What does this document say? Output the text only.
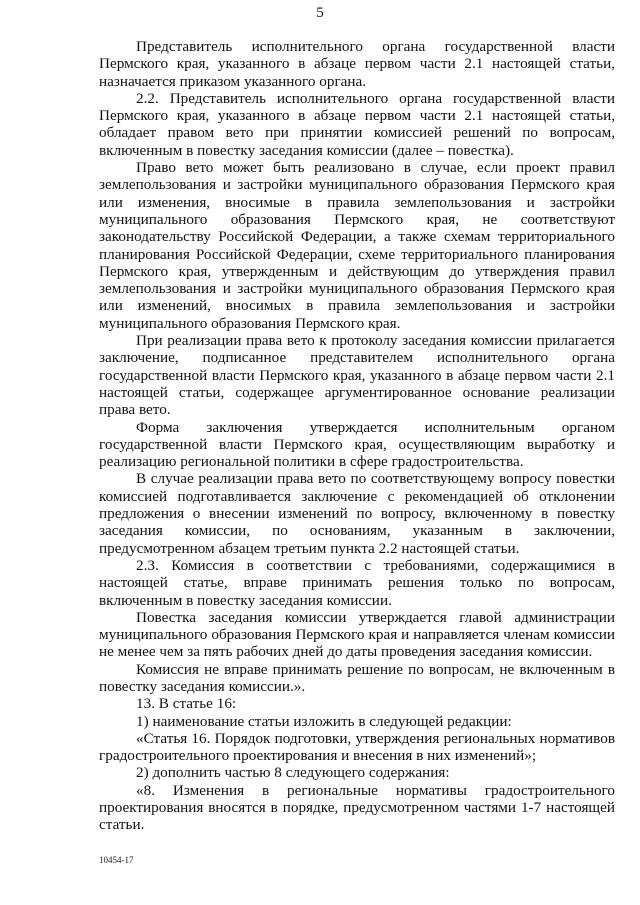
5

Представитель исполнительного органа государственной власти Пермского края, указанного в абзаце первом части 2.1 настоящей статьи, назначается приказом указанного органа.

2.2. Представитель исполнительного органа государственной власти Пермского края, указанного в абзаце первом части 2.1 настоящей статьи, обладает правом вето при принятии комиссией решений по вопросам, включенным в повестку заседания комиссии (далее – повестка).

Право вето может быть реализовано в случае, если проект правил землепользования и застройки муниципального образования Пермского края или изменения, вносимые в правила землепользования и застройки муниципального образования Пермского края, не соответствуют законодательству Российской Федерации, а также схемам территориального планирования Российской Федерации, схеме территориального планирования Пермского края, утвержденным и действующим до утверждения правил землепользования и застройки муниципального образования Пермского края или изменений, вносимых в правила землепользования и застройки муниципального образования Пермского края.

При реализации права вето к протоколу заседания комиссии прилагается заключение, подписанное представителем исполнительного органа государственной власти Пермского края, указанного в абзаце первом части 2.1 настоящей статьи, содержащее аргументированное основание реализации права вето.

Форма заключения утверждается исполнительным органом государственной власти Пермского края, осуществляющим выработку и реализацию региональной политики в сфере градостроительства.

В случае реализации права вето по соответствующему вопросу повестки комиссией подготавливается заключение с рекомендацией об отклонении предложения о внесении изменений по вопросу, включенному в повестку заседания комиссии, по основаниям, указанным в заключении, предусмотренном абзацем третьим пункта 2.2 настоящей статьи.

2.3. Комиссия в соответствии с требованиями, содержащимися в настоящей статье, вправе принимать решения только по вопросам, включенным в повестку заседания комиссии.

Повестка заседания комиссии утверждается главой администрации муниципального образования Пермского края и направляется членам комиссии не менее чем за пять рабочих дней до даты проведения заседания комиссии.

Комиссия не вправе принимать решение по вопросам, не включенным в повестку заседания комиссии.».

13. В статье 16:

1) наименование статьи изложить в следующей редакции:

«Статья 16. Порядок подготовки, утверждения региональных нормативов градостроительного проектирования и внесения в них изменений»;

2) дополнить частью 8 следующего содержания:

«8. Изменения в региональные нормативы градостроительного проектирования вносятся в порядке, предусмотренном частями 1-7 настоящей статьи.

10454-17
